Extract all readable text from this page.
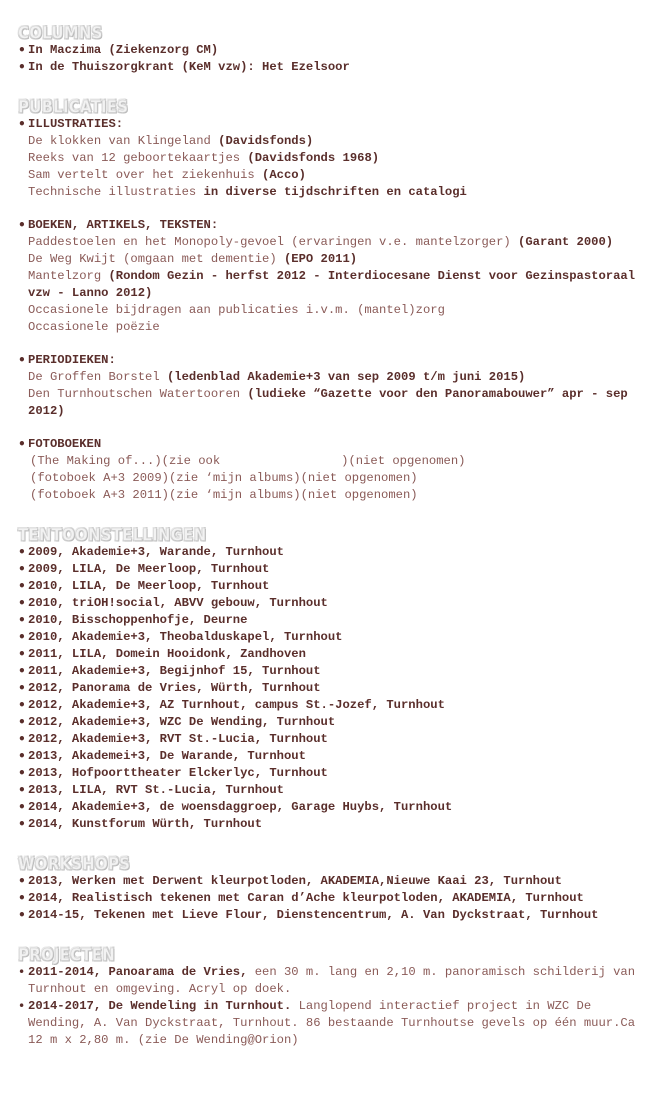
COLUMNS
• In Maczima (Ziekenzorg CM)
• In de Thuiszorgkrant (KeM vzw): Het Ezelsoor
PUBLICATIES
• ILLUSTRATIES:
De klokken van Klingeland (Davidsfonds)
Reeks van 12 geboortekaartjes (Davidsfonds 1968)
Sam vertelt over het ziekenhuis (Acco)
Technische illustraties in diverse tijdschriften en catalogi
• BOEKEN, ARTIKELS, TEKSTEN:
Paddestoelen en het Monopoly-gevoel (ervaringen v.e. mantelzorger) (Garant 2000)
De Weg Kwijt (omgaan met dementie) (EPO 2011)
Mantelzorg (Rondom Gezin - herfst 2012 - Interdiocesane Dienst voor Gezinspastoraal vzw - Lanno 2012)
Occasionele bijdragen aan publicaties i.v.m. (mantel)zorg
Occasionele poëzie
• PERIODIEKEN:
De Groffen Borstel (ledenblad Akademie+3 van sep 2009 t/m juni 2015)
Den Turnhoutschen Watertooren (ludieke “Gazette voor den Panoramabouwer” apr - sep 2012)
• FOTOBOEKEN
(The Making of...)(zie ook	)(niet opgenomen)
(fotoboek A+3 2009)(zie ‘mijn albums)(niet opgenomen)
(fotoboek A+3 2011)(zie ‘mijn albums)(niet opgenomen)
TENTOONSTELLINGEN
• 2009, Akademie+3, Warande, Turnhout
• 2009, LILA, De Meerloop, Turnhout
• 2010, LILA, De Meerloop, Turnhout
• 2010, triOH!social, ABVV gebouw, Turnhout
• 2010, Bisschoppenhofje, Deurne
• 2010, Akademie+3, Theobalduskapel, Turnhout
• 2011, LILA, Domein Hooidonk, Zandhoven
• 2011, Akademie+3, Begijnhof 15, Turnhout
• 2012, Panorama de Vries, Würth, Turnhout
• 2012, Akademie+3, AZ Turnhout, campus St.-Jozef, Turnhout
• 2012, Akademie+3, WZC De Wending, Turnhout
• 2012, Akademie+3, RVT St.-Lucia, Turnhout
• 2013, Akademei+3, De Warande, Turnhout
• 2013, Hofpoorttheater Elckerlyc, Turnhout
• 2013, LILA, RVT St.-Lucia, Turnhout
• 2014, Akademie+3, de woensdaggroep, Garage Huybs, Turnhout
• 2014, Kunstforum Würth, Turnhout
WORKSHOPS
• 2013, Werken met Derwent kleurpotloden, AKADEMIA,Nieuwe Kaai 23, Turnhout
• 2014, Realistisch tekenen met Caran d’Ache kleurpotloden, AKADEMIA, Turnhout
• 2014-15, Tekenen met Lieve Flour, Dienstencentrum, A. Van Dyckstraat, Turnhout
PROJECTEN
• 2011-2014, Panoarama de Vries, een 30 m. lang en 2,10 m. panoramisch schilderij van Turnhout en omgeving. Acryl op doek.
• 2014-2017, De Wendeling in Turnhout. Langlopend interactief project in WZC De Wending, A. Van Dyckstraat, Turnhout. 86 bestaande Turnhoutse gevels op één muur.Ca 12 m x 2,80 m. (zie De Wending@Orion)
